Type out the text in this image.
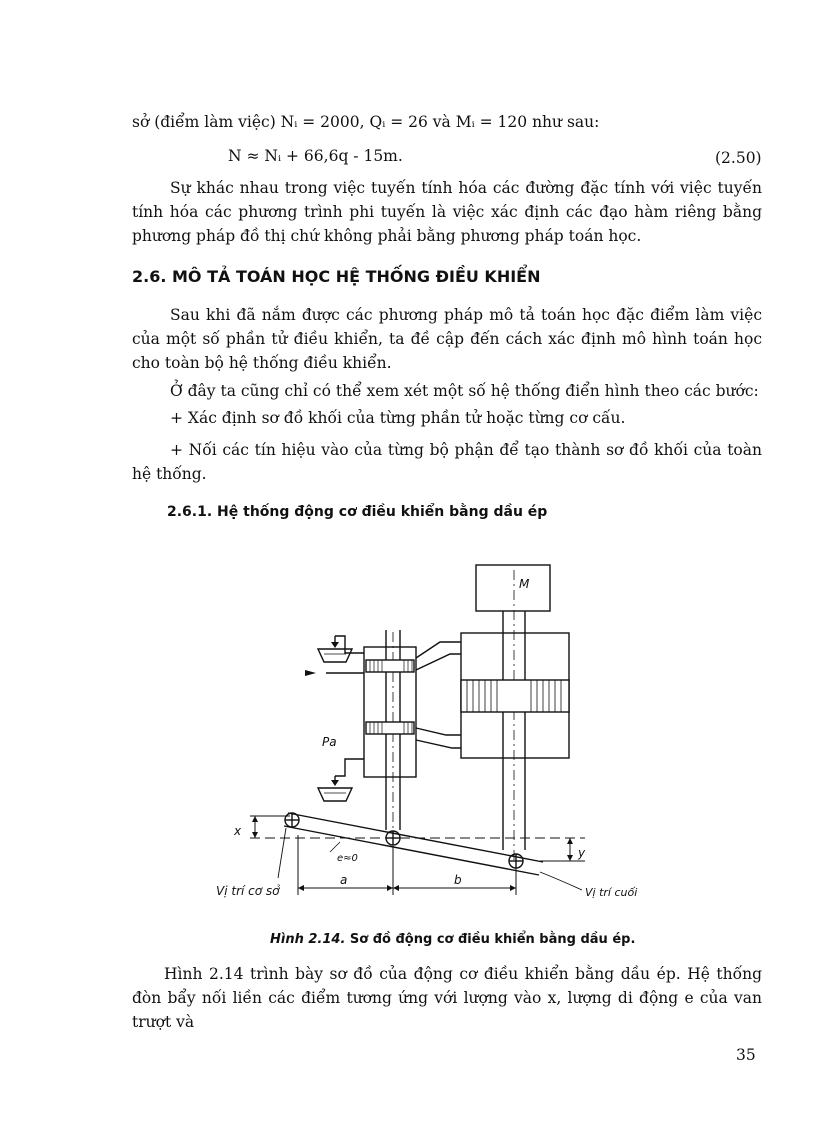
sở (điểm làm việc) Nᵢ = 2000, Qᵢ = 26 và Mᵢ = 120 như sau:

N ≈ Nᵢ + 66,6q - 15m.	(2.50)

Sự khác nhau trong việc tuyến tính hóa các đường đặc tính với việc tuyến tính hóa các phương trình phi tuyến là việc xác định các đạo hàm riêng bằng phương pháp đồ thị chứ không phải bằng phương pháp toán học.

2.6. MÔ TẢ TOÁN HỌC HỆ THỐNG ĐIỀU KHIỂN

Sau khi đã nắm được các phương pháp mô tả toán học đặc điểm làm việc của một số phần tử điều khiển, ta đề cập đến cách xác định mô hình toán học cho toàn bộ hệ thống điều khiển.

Ở đây ta cũng chỉ có thể xem xét một số hệ thống điển hình theo các bước:

+ Xác định sơ đồ khối của từng phần tử hoặc từng cơ cấu.

+ Nối các tín hiệu vào của từng bộ phận để tạo thành sơ đồ khối của toàn hệ thống.

2.6.1. Hệ thống động cơ điều khiển bằng dầu ép
M
Pa
x
y
e≈0
a	b
Vị trí cơ sở	Vị trí cuối
Hình 2.14. Sơ đồ động cơ điều khiển bằng dầu ép.

Hình 2.14 trình bày sơ đồ của động cơ điều khiển bằng dầu ép. Hệ thống đòn bẩy nối liền các điểm tương ứng với lượng vào x, lượng di động e của van trượt và

35
